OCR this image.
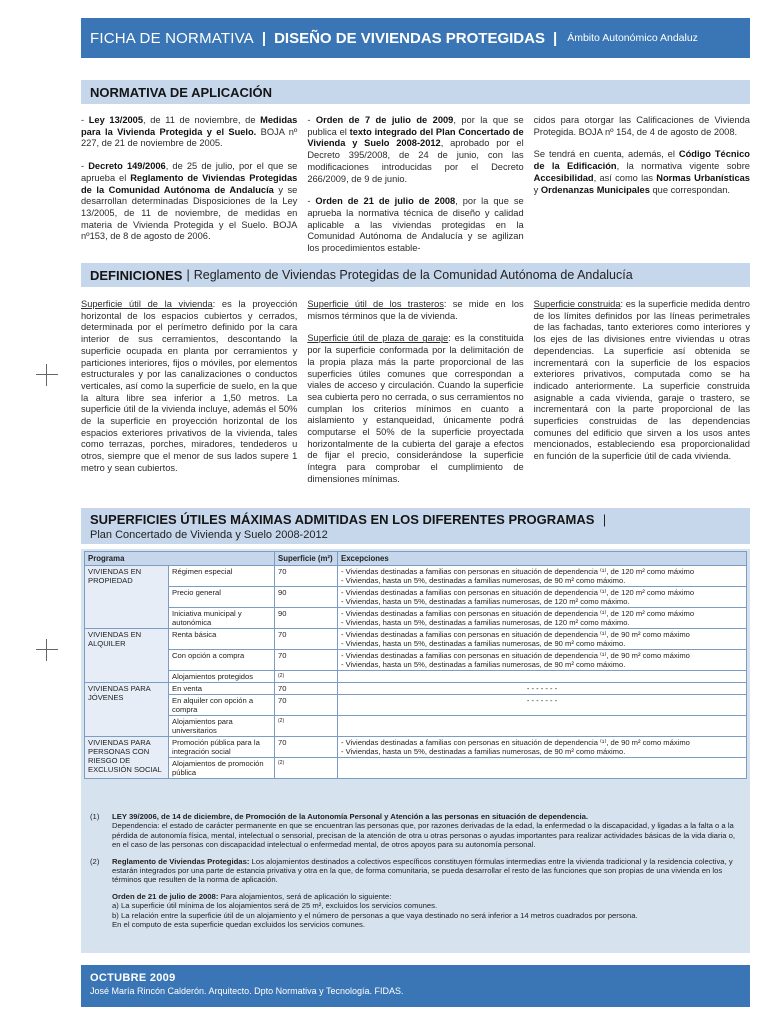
FICHA DE NORMATIVA | DISEÑO DE VIVIENDAS PROTEGIDAS | Ámbito Autonómico Andaluz
NORMATIVA DE APLICACIÓN

- Ley 13/2005, de 11 de noviembre, de Medidas para la Vivienda Protegida y el Suelo. BOJA nº 227, de 21 de noviembre de 2005.

- Decreto 149/2006, de 25 de julio, por el que se aprueba el Reglamento de Viviendas Protegidas de la Comunidad Autónoma de Andalucía y se desarrollan determinadas Disposiciones de la Ley 13/2005, de 11 de noviembre, de medidas en materia de Vivienda Protegida y el Suelo. BOJA nº153, de 8 de agosto de 2006.

- Orden de 7 de julio de 2009, por la que se publica el texto integrado del Plan Concertado de Vivienda y Suelo 2008-2012, aprobado por el Decreto 395/2008, de 24 de junio, con las modificaciones introducidas por el Decreto 266/2009, de 9 de junio.

- Orden de 21 de julio de 2008, por la que se aprueba la normativa técnica de diseño y calidad aplicable a las viviendas protegidas en la Comunidad Autónoma de Andalucía y se agilizan los procedimientos estable-

cidos para otorgar las Calificaciones de Vivienda Protegida. BOJA nº 154, de 4 de agosto de 2008.

Se tendrá en cuenta, además, el Código Técnico de la Edificación, la normativa vigente sobre Accesibilidad, así como las Normas Urbanísticas y Ordenanzas Municipales que correspondan.

DEFINICIONES | Reglamento de Viviendas Protegidas de la Comunidad Autónoma de Andalucía

Superficie útil de la vivienda: es la proyección horizontal de los espacios cubiertos y cerrados, determinada por el perímetro definido por la cara interior de sus cerramientos, descontando la superficie ocupada en planta por cerramientos y particiones interiores, fijos o móviles, por elementos estructurales y por las canalizaciones o conductos verticales, así como la superficie de suelo, en la que la altura libre sea inferior a 1,50 metros. La superficie útil de la vivienda incluye, además el 50% de la superficie en proyección horizontal de los espacios exteriores privativos de la vivienda, tales como terrazas, porches, miradores, tendederos u otros, siempre que el menor de sus lados supere 1 metro y sean cubiertos.

Superficie útil de los trasteros: se mide en los mismos términos que la de vivienda.

Superficie útil de plaza de garaje: es la constituida por la superficie conformada por la delimitación de la propia plaza más la parte proporcional de las superficies útiles comunes que correspondan a viales de acceso y circulación. Cuando la superficie sea cubierta pero no cerrada, o sus cerramientos no cumplan los criterios mínimos en cuanto a aislamiento y estanqueidad, únicamente podrá computarse el 50% de la superficie proyectada horizontalmente de la cubierta del garaje a efectos de fijar el precio, considerándose la superficie íntegra para comprobar el cumplimiento de dimensiones mínimas.

Superficie construida: es la superficie medida dentro de los límites definidos por las líneas perimetrales de las fachadas, tanto exteriores como interiores y los ejes de las divisiones entre viviendas u otras dependencias. La superficie así obtenida se incrementará con la superficie de los espacios exteriores privativos, computada como se ha indicado anteriormente. La superficie construida asignable a cada vivienda, garaje o trastero, se incrementará con la parte proporcional de las superficies construidas de las dependencias comunes del edificio que sirven a los usos antes mencionados, estableciendo esa proporcionalidad en función de la superficie útil de cada vivienda.

SUPERFICIES ÚTILES MÁXIMAS ADMITIDAS EN LOS DIFERENTES PROGRAMAS |
Plan Concertado de Vivienda y Suelo 2008-2012
Programa		Superficie (m²)	Excepciones
VIVIENDAS EN PROPIEDAD	Régimen especial	70	- Viviendas destinadas a familias con personas en situación de dependencia ⁽¹⁾, de 120 m² como máximo
- Viviendas, hasta un 5%, destinadas a familias numerosas, de 90 m² como máximo.

	Precio general	90	- Viviendas destinadas a familias con personas en situación de dependencia ⁽¹⁾, de 120 m² como máximo
- Viviendas, hasta un 5%, destinadas a familias numerosas, de 120 m² como máximo.

	Iniciativa municipal y autonómica	90	- Viviendas destinadas a familias con personas en situación de dependencia ⁽¹⁾, de 120 m² como máximo
- Viviendas, hasta un 5%, destinadas a familias numerosas, de 120 m² como máximo.

VIVIENDAS EN ALQUILER	Renta básica	70	- Viviendas destinadas a familias con personas en situación de dependencia ⁽¹⁾, de 90 m² como máximo
- Viviendas, hasta un 5%, destinadas a familias numerosas, de 90 m² como máximo.

	Con opción a compra	70	- Viviendas destinadas a familias con personas en situación de dependencia ⁽¹⁾, de 90 m² como máximo
- Viviendas, hasta un 5%, destinadas a familias numerosas, de 90 m² como máximo.

	Alojamientos protegidos	(2)	
VIVIENDAS PARA JÓVENES	En venta	70	- - - - - - -

	En alquiler con opción a compra	70	- - - - - - -

	Alojamientos para universitarios	(2)	
VIVIENDAS PARA PERSONAS CON RIESGO DE EXCLUSIÓN SOCIAL	Promoción pública para la integración social	70	- Viviendas destinadas a familias con personas en situación de dependencia ⁽¹⁾, de 90 m² como máximo
- Viviendas, hasta un 5%, destinadas a familias numerosas, de 90 m² como máximo.

	Alojamientos de promoción pública	(2)	
(1)	LEY 39/2006, de 14 de diciembre, de Promoción de la Autonomía Personal y Atención a las personas en situación de dependencia.

Dependencia: el estado de carácter permanente en que se encuentran las personas que, por razones derivadas de la edad, la enfermedad o la discapacidad, y ligadas a la falta o a la pérdida de autonomía física, mental, intelectual o sensorial, precisan de la atención de otra u otras personas o ayudas importantes para realizar actividades básicas de la vida diaria o, en el caso de las personas con discapacidad intelectual o enfermedad mental, de otros apoyos para su autonomía personal.

(2)	Reglamento de Viviendas Protegidas: Los alojamientos destinados a colectivos específicos constituyen fórmulas intermedias entre la vivienda tradicional y la residencia colectiva, y estarán integrados por una parte de estancia privativa y otra en la que, de forma comunitaria, se pueda desarrollar el resto de las funciones que son propias de una vivienda en los términos que resulten de la norma de aplicación.

Orden de 21 de julio de 2008: Para alojamientos, será de aplicación lo siguiente:

a) La superficie útil mínima de los alojamientos será de 25 m², excluidos los servicios comunes.

b) La relación entre la superficie útil de un alojamiento y el número de personas a que vaya destinado no será inferior a 14 metros cuadrados por persona.

En el computo de esta superficie quedan excluidos los servicios comunes.

OCTUBRE 2009
José María Rincón Calderón. Arquitecto. Dpto Normativa y Tecnología. FIDAS.
